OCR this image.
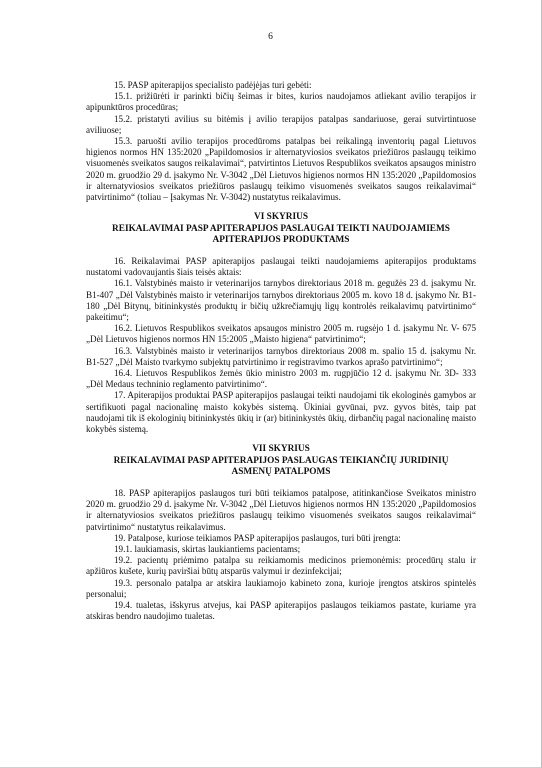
6

15. PASP apiterapijos specialisto padėjėjas turi gebėti:

15.1. prižiūrėti ir parinkti bičių šeimas ir bites, kurios naudojamos atliekant avilio terapijos ir apipunktūros procedūras;

15.2. pristatyti avilius su bitėmis į avilio terapijos patalpas sandariuose, gerai sutvirtintuose aviliuose;

15.3. paruošti avilio terapijos procedūroms patalpas bei reikalingą inventorių pagal Lietuvos higienos normos HN 135:2020 „Papildomosios ir alternatyviosios sveikatos priežiūros paslaugų teikimo visuomenės sveikatos saugos reikalavimai“, patvirtintos Lietuvos Respublikos sveikatos apsaugos ministro 2020 m. gruodžio 29 d. įsakymo Nr. V-3042 „Dėl Lietuvos higienos normos HN 135:2020 „Papildomosios ir alternatyviosios sveikatos priežiūros paslaugų teikimo visuomenės sveikatos saugos reikalavimai“ patvirtinimo“ (toliau – Įsakymas Nr. V-3042) nustatytus reikalavimus.

VI SKYRIUS

REIKALAVIMAI PASP APITERAPIJOS PASLAUGAI TEIKTI NAUDOJAMIEMS

APITERAPIJOS PRODUKTAMS

16. Reikalavimai PASP apiterapijos paslaugai teikti naudojamiems apiterapijos produktams nustatomi vadovaujantis šiais teisės aktais:

16.1. Valstybinės maisto ir veterinarijos tarnybos direktoriaus 2018 m. gegužės 23 d. įsakymu Nr. B1-407 „Dėl Valstybinės maisto ir veterinarijos tarnybos direktoriaus 2005 m. kovo 18 d. įsakymo Nr. B1-180 „Dėl Bitynų, bitininkystės produktų ir bičių užkrečiamųjų ligų kontrolės reikalavimų patvirtinimo“ pakeitimu“;

16.2. Lietuvos Respublikos sveikatos apsaugos ministro 2005 m. rugsėjo 1 d. įsakymu Nr. V- 675 „Dėl Lietuvos higienos normos HN 15:2005 „Maisto higiena“ patvirtinimo“;

16.3. Valstybinės maisto ir veterinarijos tarnybos direktoriaus 2008 m. spalio 15 d. įsakymu Nr. B1-527 „Dėl Maisto tvarkymo subjektų patvirtinimo ir registravimo tvarkos aprašo patvirtinimo“;

16.4. Lietuvos Respublikos žemės ūkio ministro 2003 m. rugpjūčio 12 d. įsakymu Nr. 3D- 333 „Dėl Medaus techninio reglamento patvirtinimo“.

17. Apiterapijos produktai PASP apiterapijos paslaugai teikti naudojami tik ekologinės gamybos ar sertifikuoti pagal nacionalinę maisto kokybės sistemą. Ūkiniai gyvūnai, pvz. gyvos bitės, taip pat naudojami tik iš ekologinių bitininkystės ūkių ir (ar) bitininkystės ūkių, dirbančių pagal nacionalinę maisto kokybės sistemą.

VII SKYRIUS

REIKALAVIMAI PASP APITERAPIJOS PASLAUGAS TEIKIANČIŲ JURIDINIŲ

ASMENŲ PATALPOMS

18. PASP apiterapijos paslaugos turi būti teikiamos patalpose, atitinkančiose Sveikatos ministro 2020 m. gruodžio 29 d. įsakyme Nr. V-3042 „Dėl Lietuvos higienos normos HN 135:2020 „Papildomosios ir alternatyviosios sveikatos priežiūros paslaugų teikimo visuomenės sveikatos saugos reikalavimai“ patvirtinimo“ nustatytus reikalavimus.

19. Patalpose, kuriose teikiamos PASP apiterapijos paslaugos, turi būti įrengta:

19.1. laukiamasis, skirtas laukiantiems pacientams;

19.2. pacientų priėmimo patalpa su reikiamomis medicinos priemonėmis: procedūrų stalu ir apžiūros kušete, kurių paviršiai būtų atsparūs valymui ir dezinfekcijai;

19.3. personalo patalpa ar atskira laukiamojo kabineto zona, kurioje įrengtos atskiros spintelės personalui;

19.4. tualetas, išskyrus atvejus, kai PASP apiterapijos paslaugos teikiamos pastate, kuriame yra atskiras bendro naudojimo tualetas.
